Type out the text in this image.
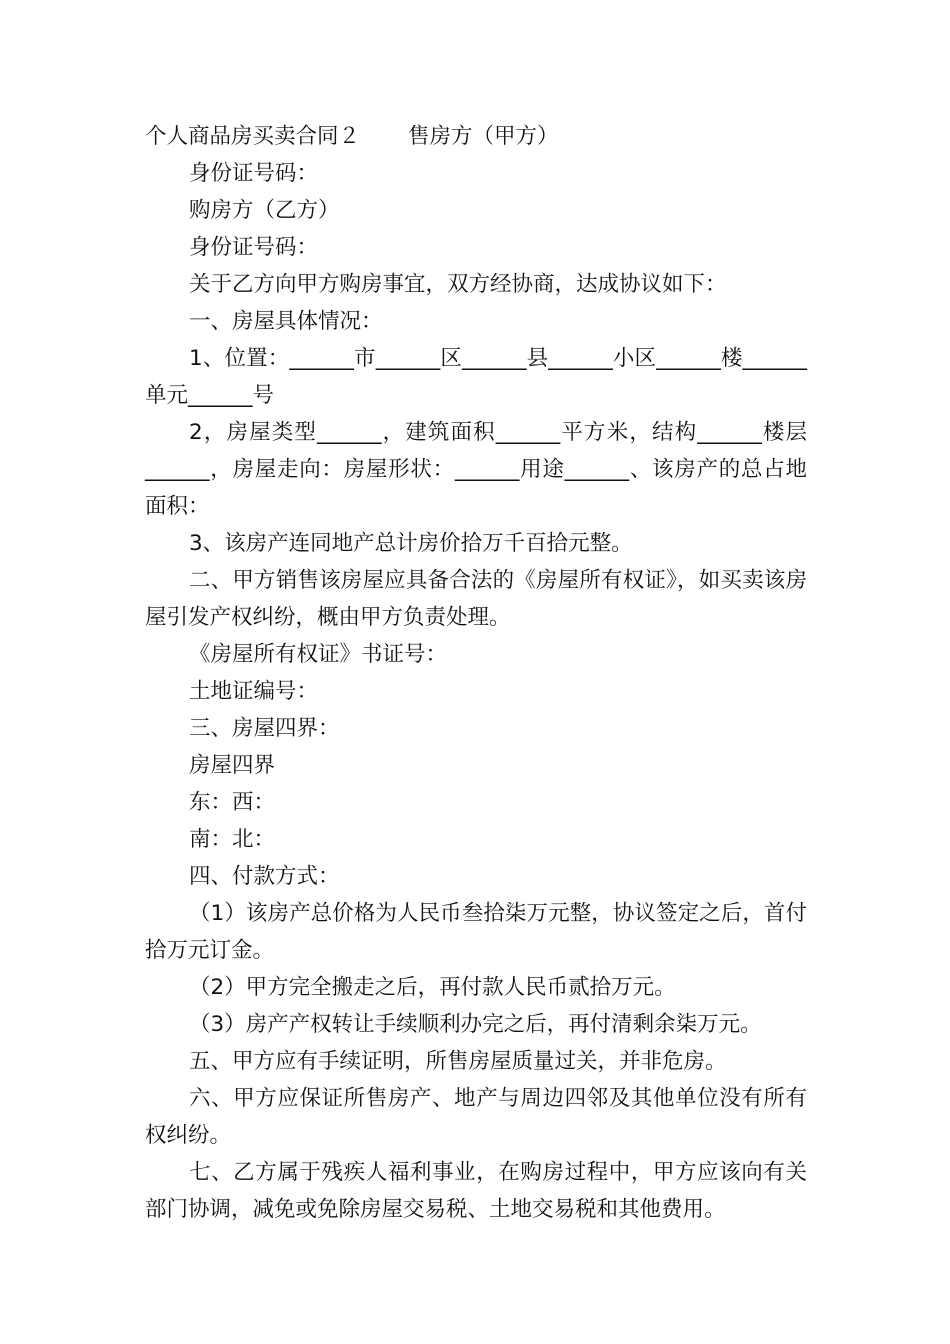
个人商品房买卖合同２ 售房方（甲方）

身份证号码：

购房方（乙方）

身份证号码：

关于乙方向甲方购房事宜，双方经协商，达成协议如下：

一、房屋具体情况：

1、位置：______市______区______县______小区______楼______单元______号

2，房屋类型______，建筑面积______平方米，结构______楼层______，房屋走向：房屋形状：______用途______、该房产的总占地面积：

3、该房产连同地产总计房价拾万千百拾元整。

二、甲方销售该房屋应具备合法的《房屋所有权证》，如买卖该房屋引发产权纠纷，概由甲方负责处理。

《房屋所有权证》书证号：

土地证编号：

三、房屋四界：

房屋四界

东：西：

南：北：

四、付款方式：

（1）该房产总价格为人民币叁拾柒万元整，协议签定之后，首付拾万元订金。

（2）甲方完全搬走之后，再付款人民币贰拾万元。

（3）房产产权转让手续顺利办完之后，再付清剩余柒万元。

五、甲方应有手续证明，所售房屋质量过关，并非危房。

六、甲方应保证所售房产、地产与周边四邻及其他单位没有所有权纠纷。

七、乙方属于残疾人福利事业，在购房过程中，甲方应该向有关部门协调，减免或免除房屋交易税、土地交易税和其他费用。
